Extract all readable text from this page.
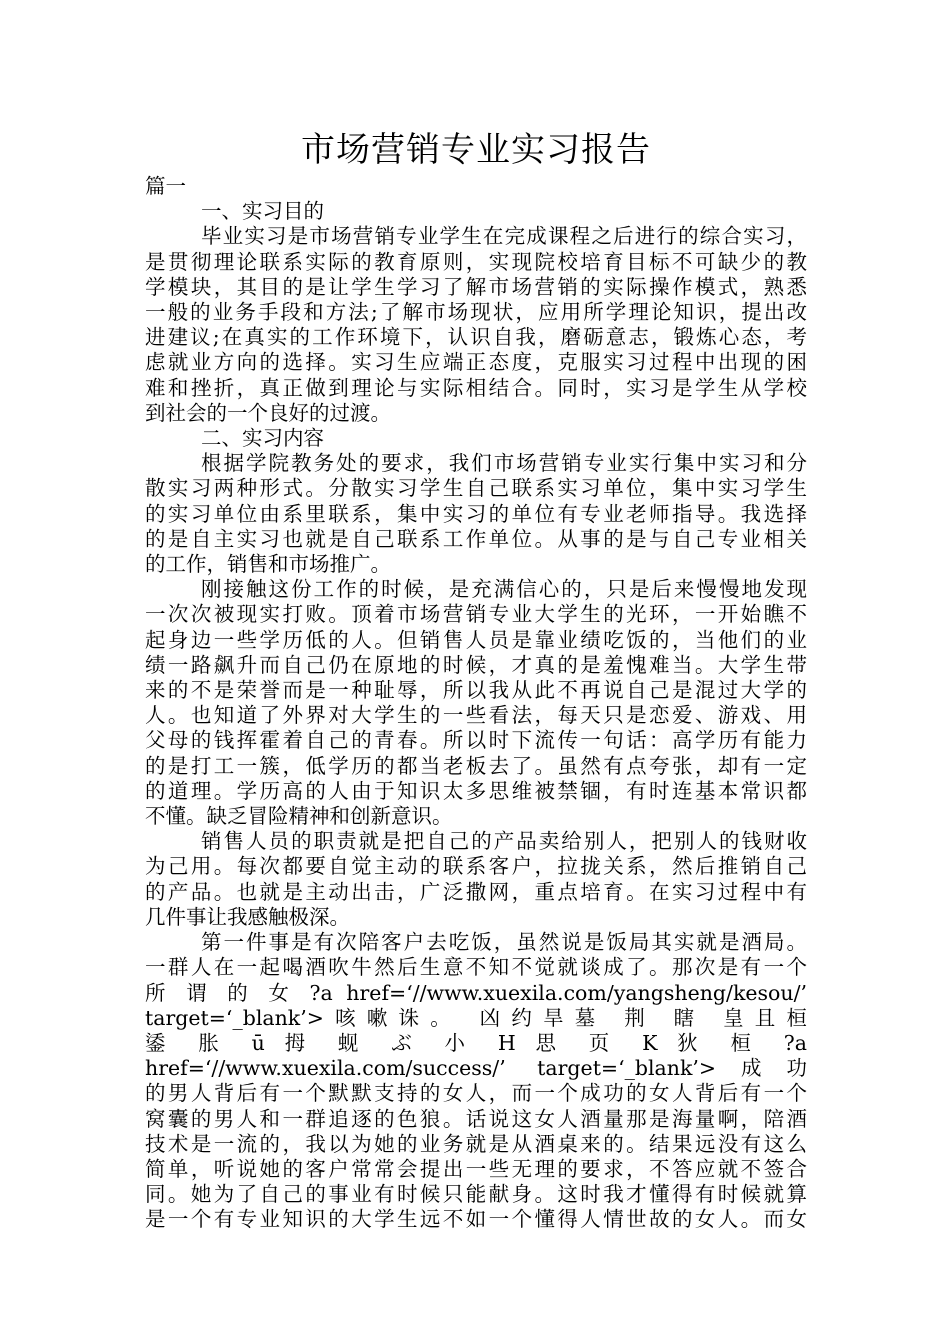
市场营销专业实习报告
篇一
一、实习目的
毕业实习是市场营销专业学生在完成课程之后进行的综合实习，
是贯彻理论联系实际的教育原则，实现院校培育目标不可缺少的教
学模块，其目的是让学生学习了解市场营销的实际操作模式，熟悉
一般的业务手段和方法;了解市场现状，应用所学理论知识，提出改
进建议;在真实的工作环境下，认识自我，磨砺意志，锻炼心态，考
虑就业方向的选择。实习生应端正态度，克服实习过程中出现的困
难和挫折，真正做到理论与实际相结合。同时，实习是学生从学校
到社会的一个良好的过渡。
二、实习内容
根据学院教务处的要求，我们市场营销专业实行集中实习和分
散实习两种形式。分散实习学生自己联系实习单位，集中实习学生
的实习单位由系里联系，集中实习的单位有专业老师指导。我选择
的是自主实习也就是自己联系工作单位。从事的是与自己专业相关
的工作，销售和市场推广。
刚接触这份工作的时候，是充满信心的，只是后来慢慢地发现
一次次被现实打败。顶着市场营销专业大学生的光环，一开始瞧不
起身边一些学历低的人。但销售人员是靠业绩吃饭的，当他们的业
绩一路飙升而自己仍在原地的时候，才真的是羞愧难当。大学生带
来的不是荣誉而是一种耻辱，所以我从此不再说自己是混过大学的
人。也知道了外界对大学生的一些看法，每天只是恋爱、游戏、用
父母的钱挥霍着自己的青春。所以时下流传一句话：高学历有能力
的是打工一簇，低学历的都当老板去了。虽然有点夸张，却有一定
的道理。学历高的人由于知识太多思维被禁锢，有时连基本常识都
不懂。缺乏冒险精神和创新意识。
销售人员的职责就是把自己的产品卖给别人，把别人的钱财收
为己用。每次都要自觉主动的联系客户，拉拢关系，然后推销自己
的产品。也就是主动出击，广泛撒网，重点培育。在实习过程中有
几件事让我感触极深。
第一件事是有次陪客户去吃饭，虽然说是饭局其实就是酒局。
一群人在一起喝酒吹牛然后生意不知不觉就谈成了。那次是有一个
所 谓 的 女 ?a href=‘//www.xuexila.com/yangsheng/kesou/’
target=‘_blank’>咳嗽诛。 凶约旱墓 荆 瞎 皇且桓
鋈 胀 ū 拇 蚬 ぶ 小 H 思 页 K 狄 桓 ?a
href=‘//www.xuexila.com/success/’ target=‘_blank’>成功
的男人背后有一个默默支持的女人，而一个成功的女人背后有一个
窝囊的男人和一群追逐的色狼。话说这女人酒量那是海量啊，陪酒
技术是一流的，我以为她的业务就是从酒桌来的。结果远没有这么
简单，听说她的客户常常会提出一些无理的要求，不答应就不签合
同。她为了自己的事业有时候只能献身。这时我才懂得有时候就算
是一个有专业知识的大学生远不如一个懂得人情世故的女人。而女
